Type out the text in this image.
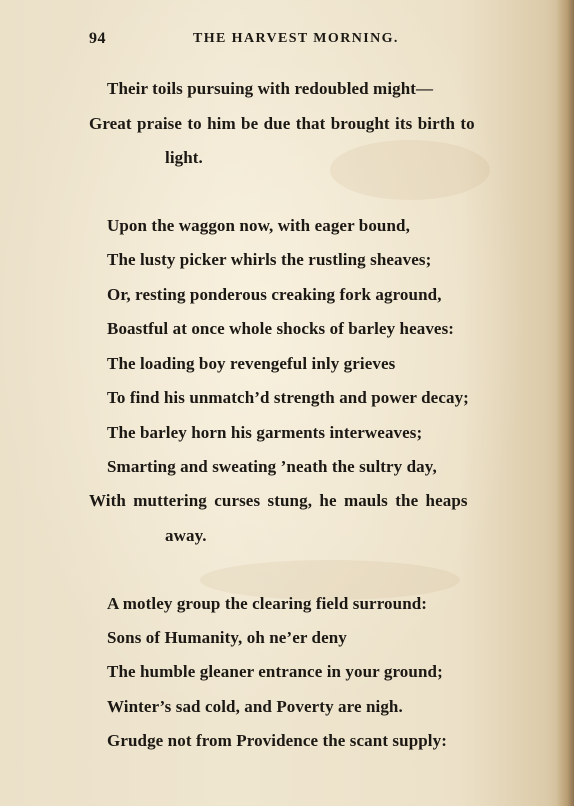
94	THE HARVEST MORNING.
Their toils pursuing with redoubled might—
Great praise to him be due that brought its birth to
light.
Upon the waggon now, with eager bound,
The lusty picker whirls the rustling sheaves;
Or, resting ponderous creaking fork aground,
Boastful at once whole shocks of barley heaves:
The loading boy revengeful inly grieves
To find his unmatch’d strength and power decay;
The barley horn his garments interweaves;
Smarting and sweating ’neath the sultry day,
With muttering curses stung, he mauls the heaps
away.
A motley group the clearing field surround:
Sons of Humanity, oh ne’er deny
The humble gleaner entrance in your ground;
Winter’s sad cold, and Poverty are nigh.
Grudge not from Providence the scant supply:
